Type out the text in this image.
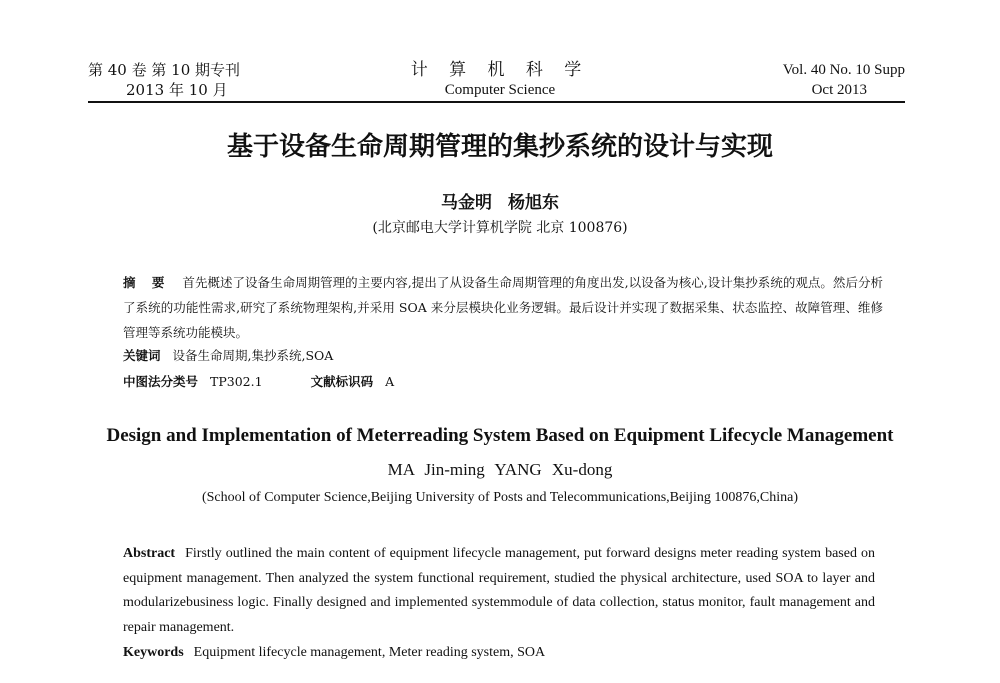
第 40 卷 第 10 期专刊
2013 年 10 月
计 算 机 科 学
Computer Science
Vol. 40 No. 10 Supp
Oct 2013
基于设备生命周期管理的集抄系统的设计与实现
马金明 杨旭东
(北京邮电大学计算机学院 北京 100876)
摘 要 首先概述了设备生命周期管理的主要内容,提出了从设备生命周期管理的角度出发,以设备为核心,设计集抄系统的观点。然后分析了系统的功能性需求,研究了系统物理架构,并采用 SOA 来分层模块化业务逻辑。最后设计并实现了数据采集、状态监控、故障管理、维修管理等系统功能模块。
关键词 设备生命周期,集抄系统,SOA
中图法分类号 TP302.1	文献标识码 A
Design and Implementation of Meterreading System Based on Equipment Lifecycle Management
MA Jin-ming YANG Xu-dong
(School of Computer Science,Beijing University of Posts and Telecommunications,Beijing 100876,China)
Abstract Firstly outlined the main content of equipment lifecycle management, put forward designs meter reading system based on equipment management. Then analyzed the system functional requirement, studied the physical architecture, used SOA to layer and modularizebusiness logic. Finally designed and implemented systemmodule of data collection, status monitor, fault management and repair management.
Keywords Equipment lifecycle management, Meter reading system, SOA
